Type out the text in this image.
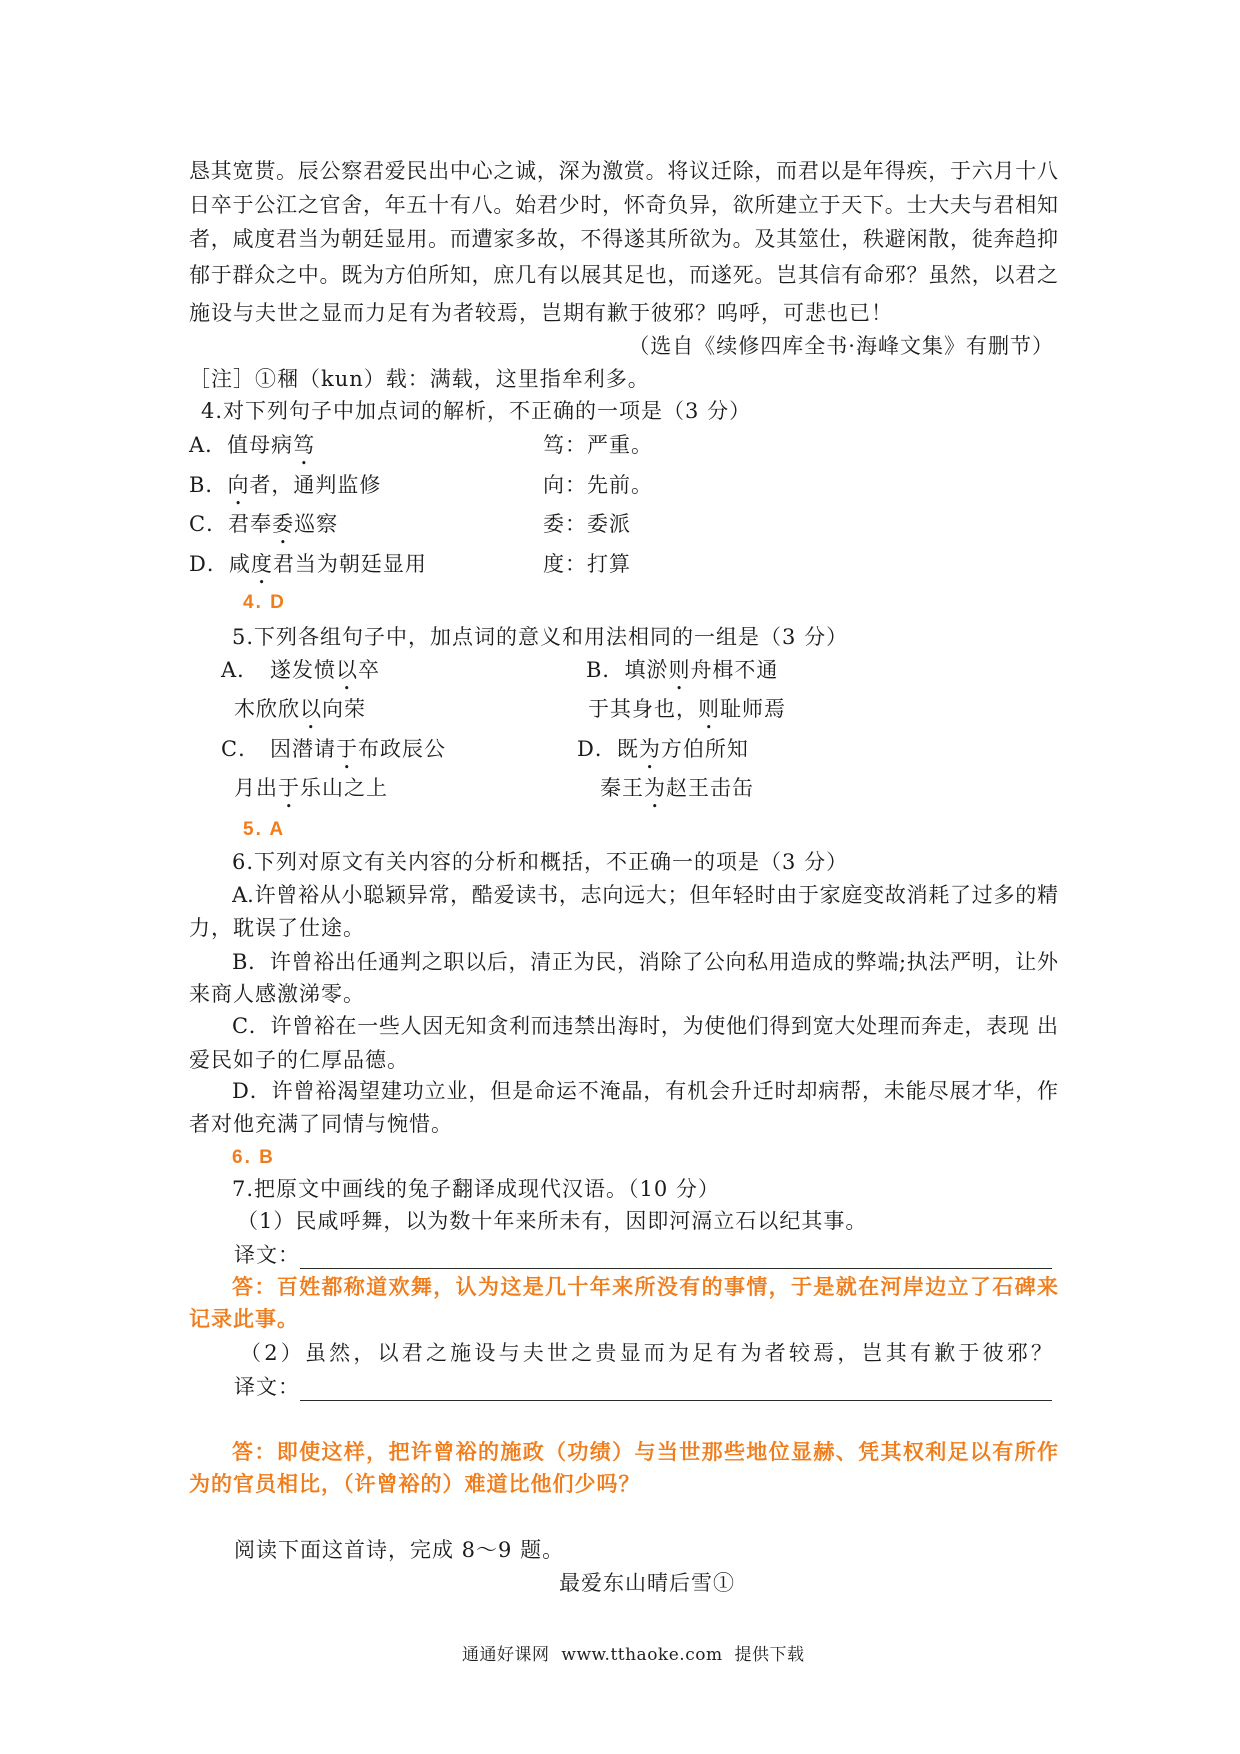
恳其宽贳。辰公察君爱民出中心之诚，深为激赏。将议迁除，而君以是年得疾，于六月十八
日卒于公江之官舍，年五十有八。始君少时，怀奇负异，欲所建立于天下。士大夫与君相知
者，咸度君当为朝廷显用。而遭家多故，不得遂其所欲为。及其筮仕，秩避闲散，徙奔趋抑
郁于群众之中。既为方伯所知，庶几有以展其足也，而遂死。岂其信有命邪？虽然，以君之
施设与夫世之显而力足有为者较焉，岂期有歉于彼邪？呜呼，可悲也已！
（选自《续修四库全书·海峰文集》有删节）
［注］①稛（kun）载：满载，这里指牟利多。
4.对下列句子中加点词的解析，不正确的一项是（3 分）
A．值母病笃	笃：严重。
B．向者，通判监修	向：先前。
C．君奉委巡察	委：委派
D．咸度君当为朝廷显用	度：打算
4. D
5.下列各组句子中，加点词的意义和用法相同的一组是（3 分）
A． 遂发愤以卒
木欣欣以向荣
B．填淤则舟楫不通
于其身也，则耻师焉
C． 因潜请于布政辰公
月出于乐山之上
D．既为方伯所知
秦王为赵王击缶
5. A
6.下列对原文有关内容的分析和概括，不正确一的项是（3 分）
A.许曾裕从小聪颖异常，酷爱读书，志向远大；但年轻时由于家庭变故消耗了过多的精
力，耽误了仕途。
B．许曾裕出任通判之职以后，清正为民，消除了公向私用造成的弊端;执法严明，让外
来商人感激涕零。
C．许曾裕在一些人因无知贪利而违禁出海时，为使他们得到宽大处理而奔走，表现 出
爱民如子的仁厚品德。
D．许曾裕渴望建功立业，但是命运不淹晶，有机会升迁时却病帮，未能尽展才华，作
者对他充满了同情与惋惜。
6. B
7.把原文中画线的兔子翻译成现代汉语。（10 分）
（1）民咸呼舞，以为数十年来所未有，因即河滆立石以纪其事。
译文：
答：百姓都称道欢舞，认为这是几十年来所没有的事情，于是就在河岸边立了石碑来
记录此事。
（2）虽然，以君之施设与夫世之贵显而为足有为者较焉，岂其有歉于彼邪？
译文：
答：即使这样，把许曾裕的施政（功绩）与当世那些地位显赫、凭其权利足以有所作
为的官员相比，（许曾裕的）难道比他们少吗？
阅读下面这首诗，完成 8～9 题。
最爱东山晴后雪①
通通好课网 www.tthaoke.com 提供下载
